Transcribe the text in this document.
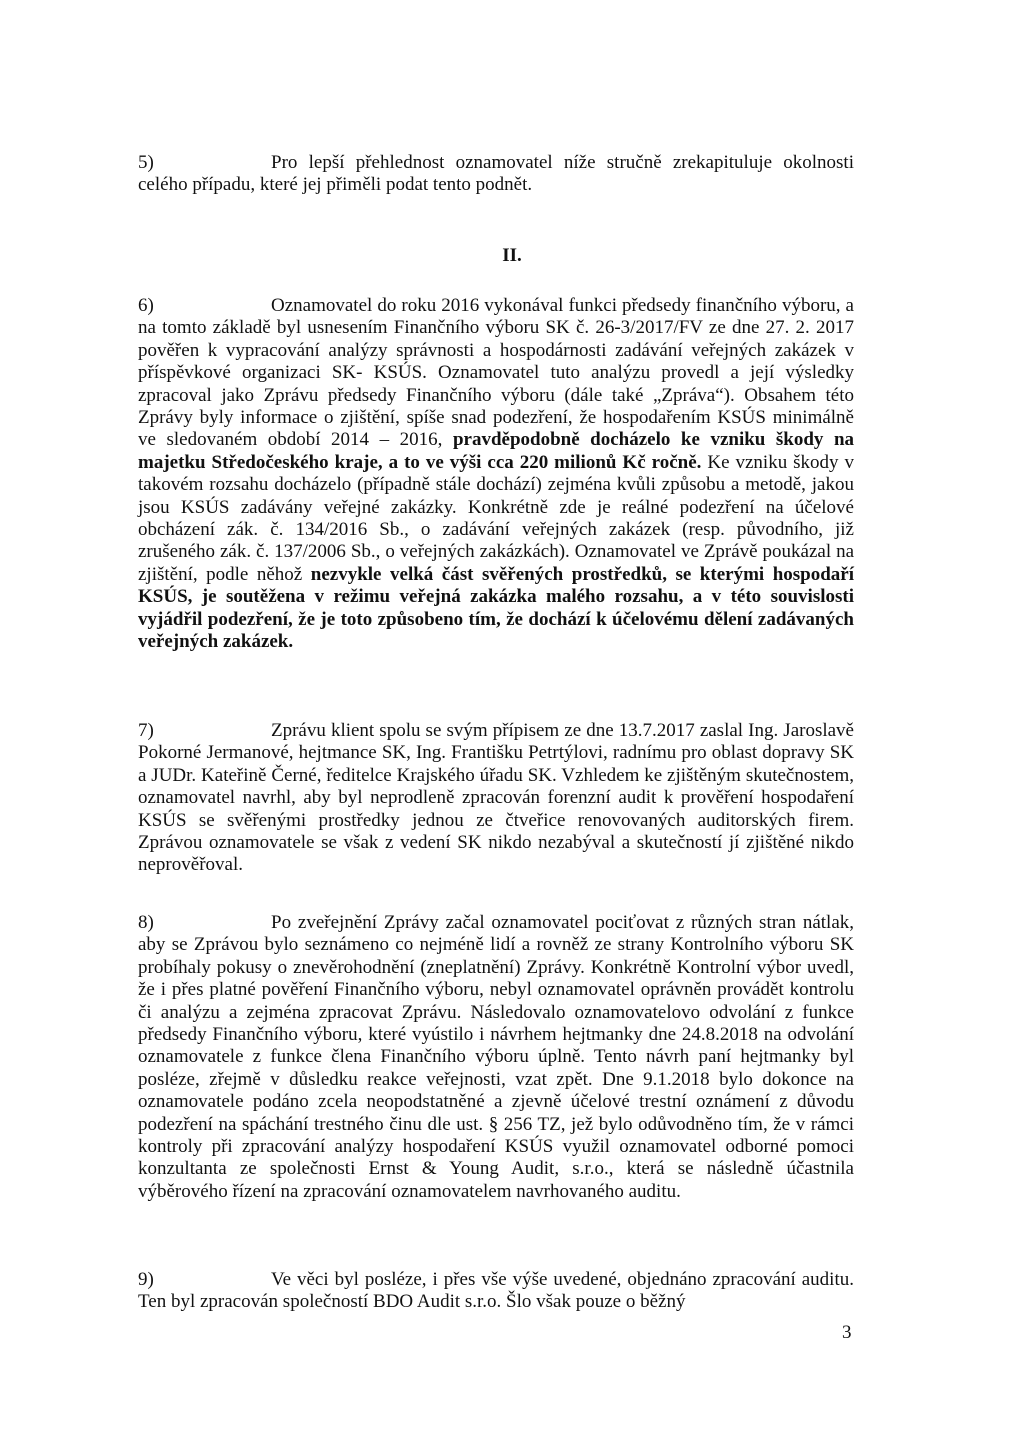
5)	Pro lepší přehlednost oznamovatel níže stručně zrekapituluje okolnosti celého případu, které jej přiměli podat tento podnět.

II.

6)	Oznamovatel do roku 2016 vykonával funkci předsedy finančního výboru, a na tomto základě byl usnesením Finančního výboru SK č. 26-3/2017/FV ze dne 27. 2. 2017 pověřen k vypracování analýzy správnosti a hospodárnosti zadávání veřejných zakázek v příspěvkové organizaci SK- KSÚS. Oznamovatel tuto analýzu provedl a její výsledky zpracoval jako Zprávu předsedy Finančního výboru (dále také „Zpráva“). Obsahem této Zprávy byly informace o zjištění, spíše snad podezření, že hospodařením KSÚS minimálně ve sledovaném období 2014 – 2016, pravděpodobně docházelo ke vzniku škody na majetku Středočeského kraje, a to ve výši cca 220 milionů Kč ročně. Ke vzniku škody v takovém rozsahu docházelo (případně stále dochází) zejména kvůli způsobu a metodě, jakou jsou KSÚS zadávány veřejné zakázky. Konkrétně zde je reálné podezření na účelové obcházení zák. č. 134/2016 Sb., o zadávání veřejných zakázek (resp. původního, již zrušeného zák. č. 137/2006 Sb., o veřejných zakázkách). Oznamovatel ve Zprávě poukázal na zjištění, podle něhož nezvykle velká část svěřených prostředků, se kterými hospodaří KSÚS, je soutěžena v režimu veřejná zakázka malého rozsahu, a v této souvislosti vyjádřil podezření, že je toto způsobeno tím, že dochází k účelovému dělení zadávaných veřejných zakázek.

7)	Zprávu klient spolu se svým přípisem ze dne 13.7.2017 zaslal Ing. Jaroslavě Pokorné Jermanové, hejtmance SK, Ing. Františku Petrtýlovi, radnímu pro oblast dopravy SK a JUDr. Kateřině Černé, ředitelce Krajského úřadu SK. Vzhledem ke zjištěným skutečnostem, oznamovatel navrhl, aby byl neprodleně zpracován forenzní audit k prověření hospodaření KSÚS se svěřenými prostředky jednou ze čtveřice renovovaných auditorských firem. Zprávou oznamovatele se však z vedení SK nikdo nezabýval a skutečností jí zjištěné nikdo neprověřoval.

8)	Po zveřejnění Zprávy začal oznamovatel pociťovat z různých stran nátlak, aby se Zprávou bylo seznámeno co nejméně lidí a rovněž ze strany Kontrolního výboru SK probíhaly pokusy o znevěrohodnění (zneplatnění) Zprávy. Konkrétně Kontrolní výbor uvedl, že i přes platné pověření Finančního výboru, nebyl oznamovatel oprávněn provádět kontrolu či analýzu a zejména zpracovat Zprávu. Následovalo oznamovatelovo odvolání z funkce předsedy Finančního výboru, které vyústilo i návrhem hejtmanky dne 24.8.2018 na odvolání oznamovatele z funkce člena Finančního výboru úplně. Tento návrh paní hejtmanky byl posléze, zřejmě v důsledku reakce veřejnosti, vzat zpět. Dne 9.1.2018 bylo dokonce na oznamovatele podáno zcela neopodstatněné a zjevně účelové trestní oznámení z důvodu podezření na spáchání trestného činu dle ust. § 256 TZ, jež bylo odůvodněno tím, že v rámci kontroly při zpracování analýzy hospodaření KSÚS využil oznamovatel odborné pomoci konzultanta ze společnosti Ernst & Young Audit, s.r.o., která se následně účastnila výběrového řízení na zpracování oznamovatelem navrhovaného auditu.

9)	Ve věci byl posléze, i přes vše výše uvedené, objednáno zpracování auditu. Ten byl zpracován společností BDO Audit s.r.o. Šlo však pouze o běžný

3
